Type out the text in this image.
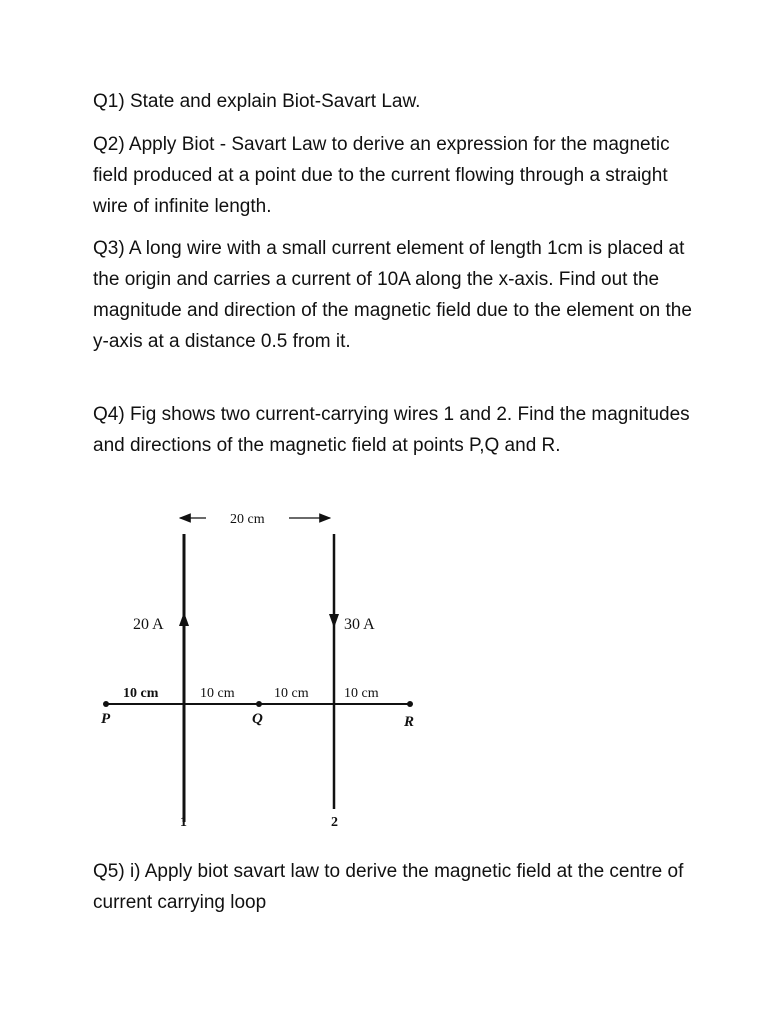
Q1) State and explain Biot-Savart Law.

Q2) Apply Biot - Savart Law to derive an expression for the magnetic field produced at a point due to the current flowing through a straight wire of infinite length.

Q3) A long wire with a small current element of length 1cm is placed at the origin and carries a current of 10A along the x-axis. Find out the magnitude and direction of the magnetic field due to the element on the y-axis at a distance 0.5 from it.

Q4) Fig shows two current-carrying wires 1 and 2. Find the magnitudes and directions of the magnetic field at points P,Q and R.

20 cm
20 A
1
30 A
2
10 cm	10 cm	10 cm	10 cm
P	Q	R

Q5) i) Apply biot savart law to derive the magnetic field at the centre of current carrying loop
